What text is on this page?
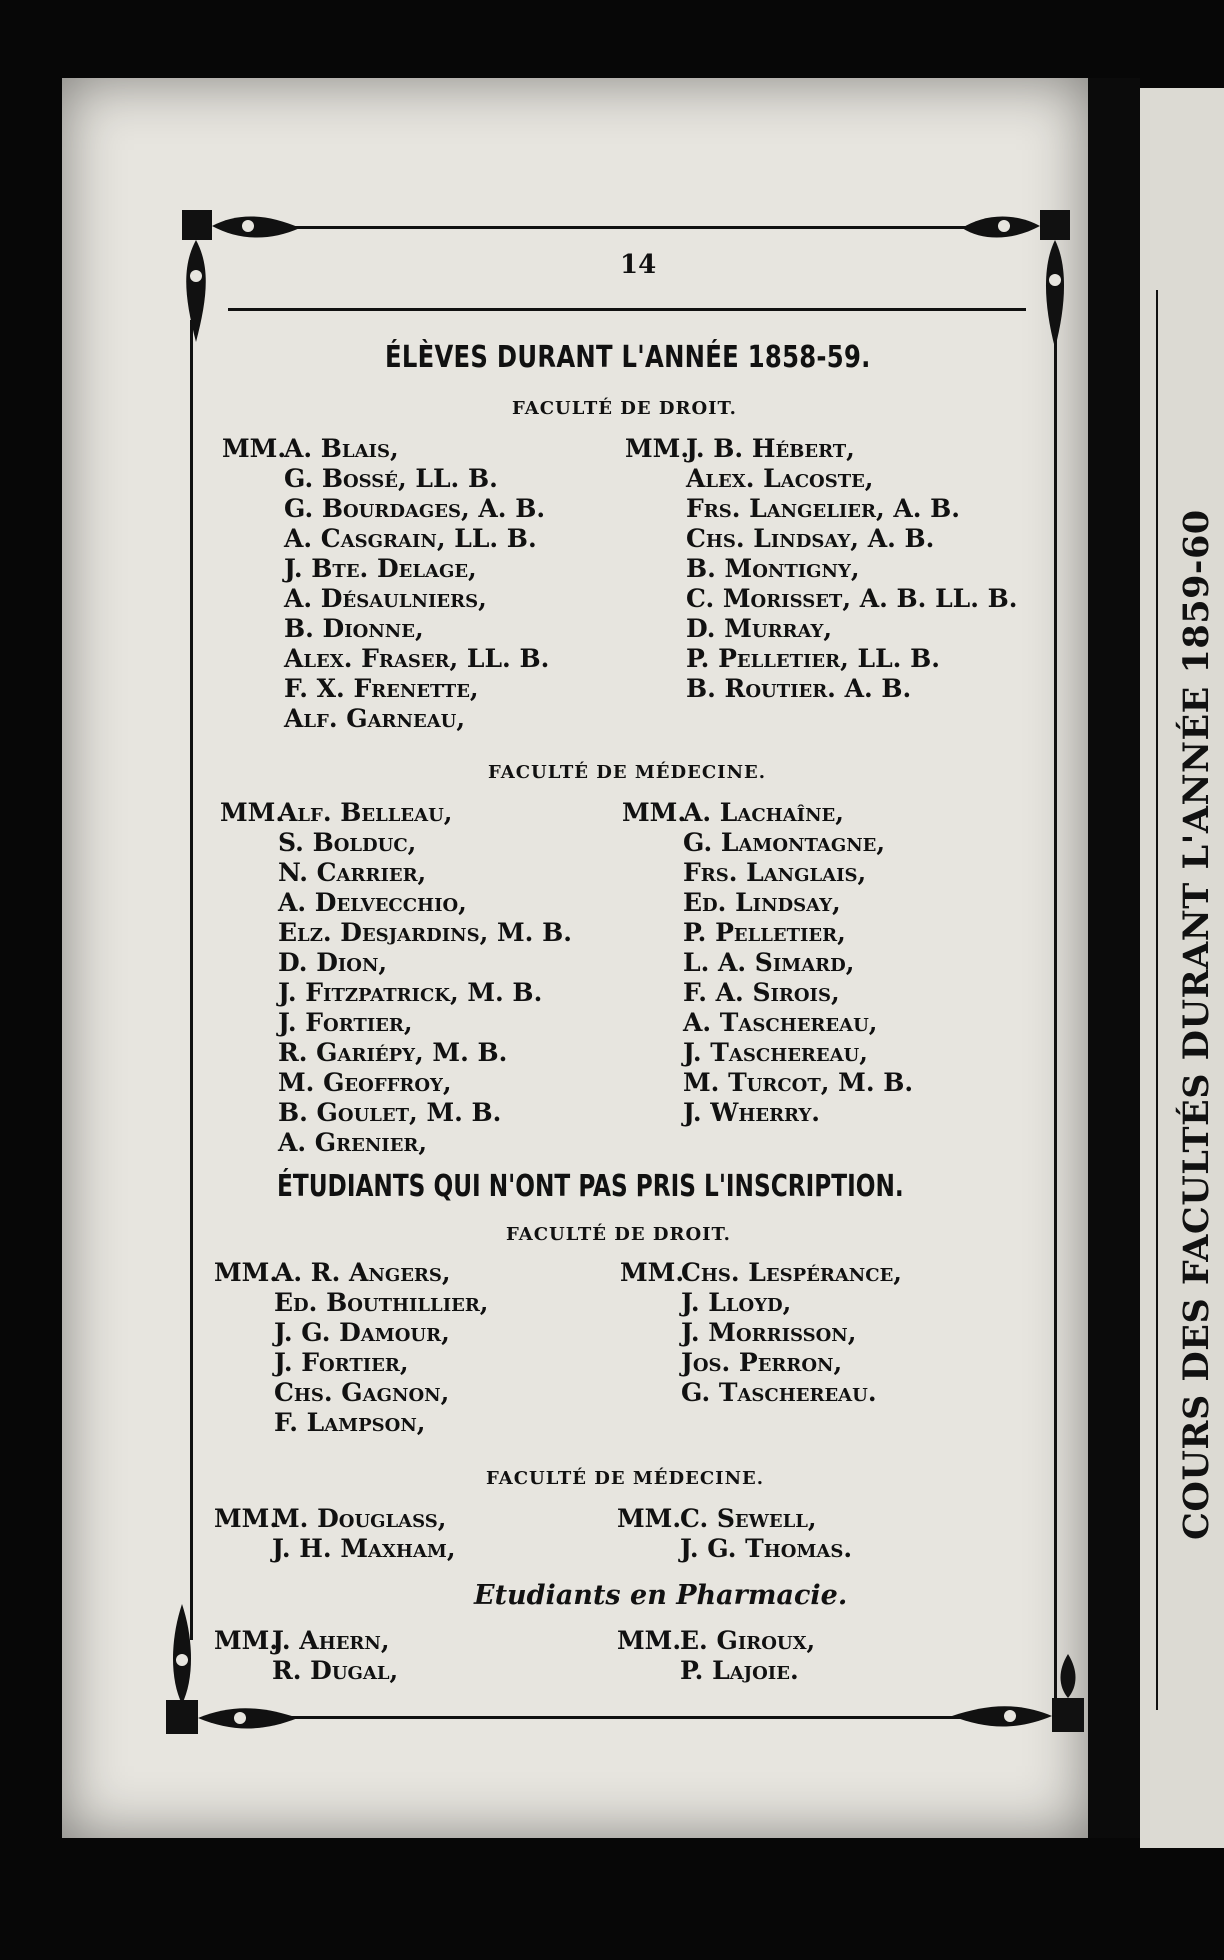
COURS DES FACULTÉS DURANT L'ANNÉE 1859-60
14
ÉLÈVES DURANT L'ANNÉE 1858-59.
FACULTÉ DE DROIT.
MM.
A. Blais,
G. Bossé, LL. B.
G. Bourdages, A. B.
A. Casgrain, LL. B.
J. Bte. Delage,
A. Désaulniers,
B. Dionne,
Alex. Fraser, LL. B.
F. X. Frenette,
Alf. Garneau,
MM.
J. B. Hébert,
Alex. Lacoste,
Frs. Langelier, A. B.
Chs. Lindsay, A. B.
B. Montigny,
C. Morisset, A. B. LL. B.
D. Murray,
P. Pelletier, LL. B.
B. Routier. A. B.
FACULTÉ DE MÉDECINE.
MM.
Alf. Belleau,
S. Bolduc,
N. Carrier,
A. Delvecchio,
Elz. Desjardins, M. B.
D. Dion,
J. Fitzpatrick, M. B.
J. Fortier,
R. Gariépy, M. B.
M. Geoffroy,
B. Goulet, M. B.
A. Grenier,
MM.
A. Lachaîne,
G. Lamontagne,
Frs. Langlais,
Ed. Lindsay,
P. Pelletier,
L. A. Simard,
F. A. Sirois,
A. Taschereau,
J. Taschereau,
M. Turcot, M. B.
J. Wherry.
ÉTUDIANTS QUI N'ONT PAS PRIS L'INSCRIPTION.
FACULTÉ DE DROIT.
MM.
A. R. Angers,
Ed. Bouthillier,
J. G. Damour,
J. Fortier,
Chs. Gagnon,
F. Lampson,
MM.
Chs. Lespérance,
J. Lloyd,
J. Morrisson,
Jos. Perron,
G. Taschereau.
FACULTÉ DE MÉDECINE.
MM.
M. Douglass,
J. H. Maxham,
MM.
C. Sewell,
J. G. Thomas.
Etudiants en Pharmacie.
MM.
J. Ahern,
R. Dugal,
MM.
E. Giroux,
P. Lajoie.
